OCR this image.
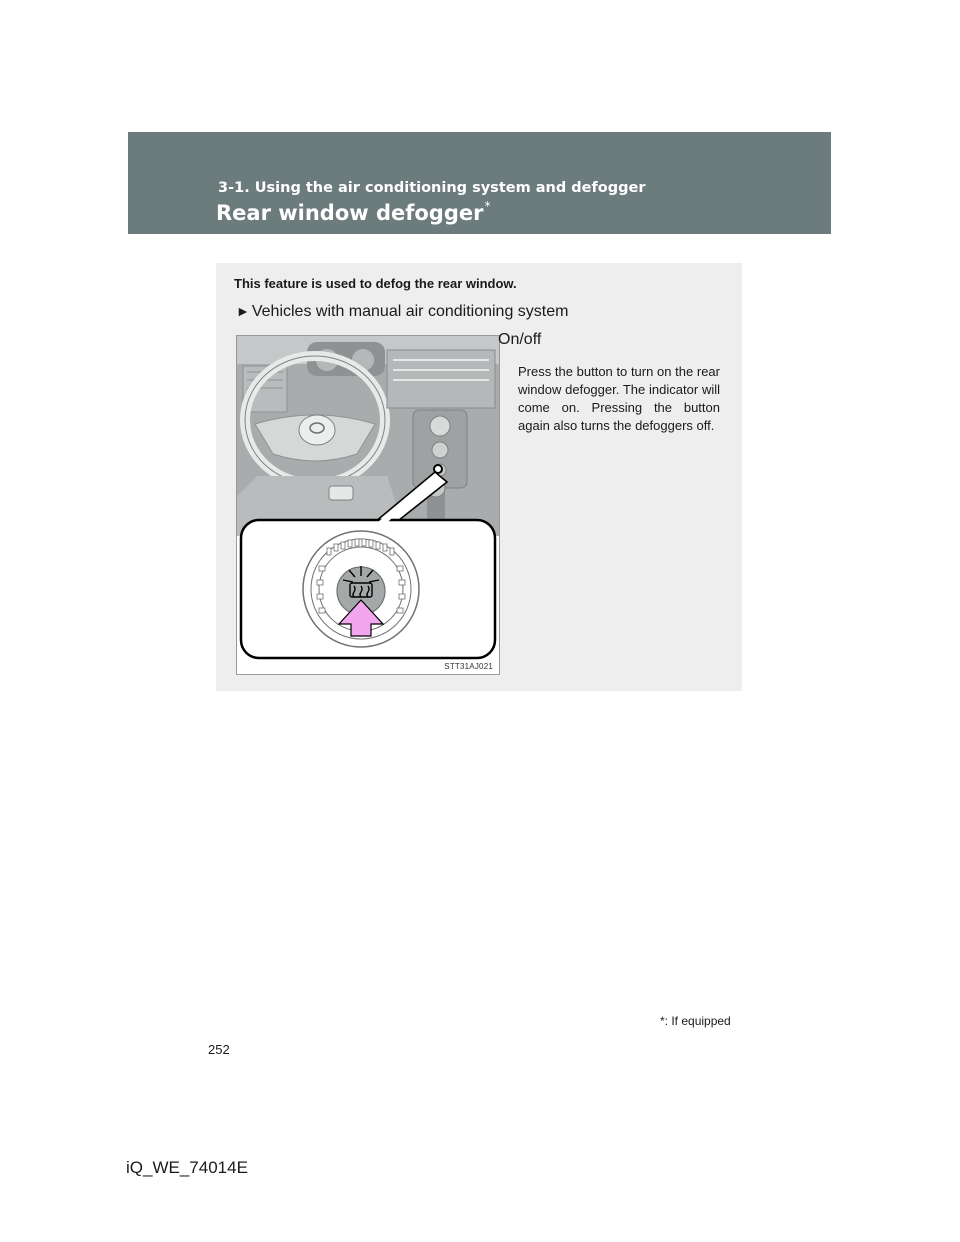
3-1. Using the air conditioning system and defogger
Rear window defogger*
This feature is used to defog the rear window.
► Vehicles with manual air conditioning system
STT31AJ021
On/off

Press the button to turn on the rear window defogger. The indicator will come on. Pressing the button again also turns the defoggers off.

*: If equipped
252
iQ_WE_74014E
